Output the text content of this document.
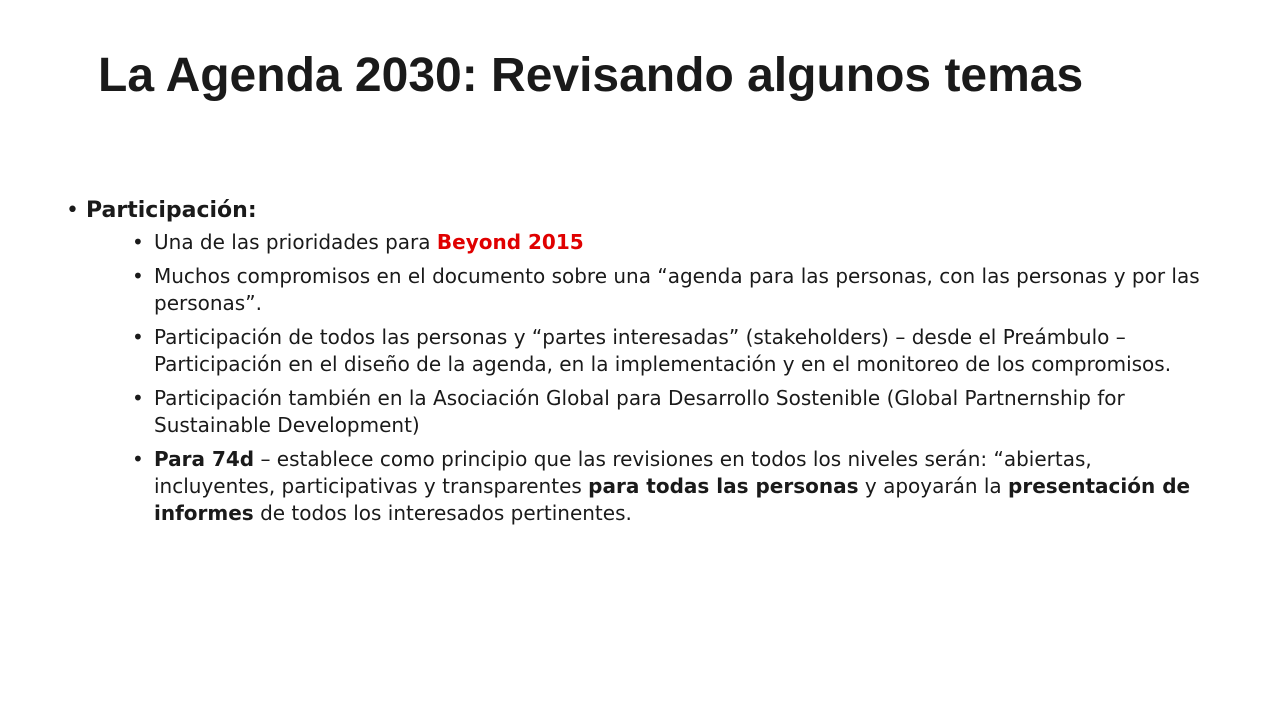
La Agenda 2030: Revisando algunos temas
• Participación:
• Una de las prioridades para Beyond 2015
• Muchos compromisos en el documento sobre una “agenda para las personas, con las personas y por las personas”.
• Participación de todos las personas y “partes interesadas” (stakeholders) – desde el Preámbulo – Participación en el diseño de la agenda, en la implementación y en el monitoreo de los compromisos.
• Participación también en la Asociación Global para Desarrollo Sostenible (Global Partnernship for Sustainable Development)
• Para 74d – establece como principio que las revisiones en todos los niveles serán: “abiertas, incluyentes, participativas y transparentes para todas las personas y apoyarán la presentación de informes de todos los interesados pertinentes.
